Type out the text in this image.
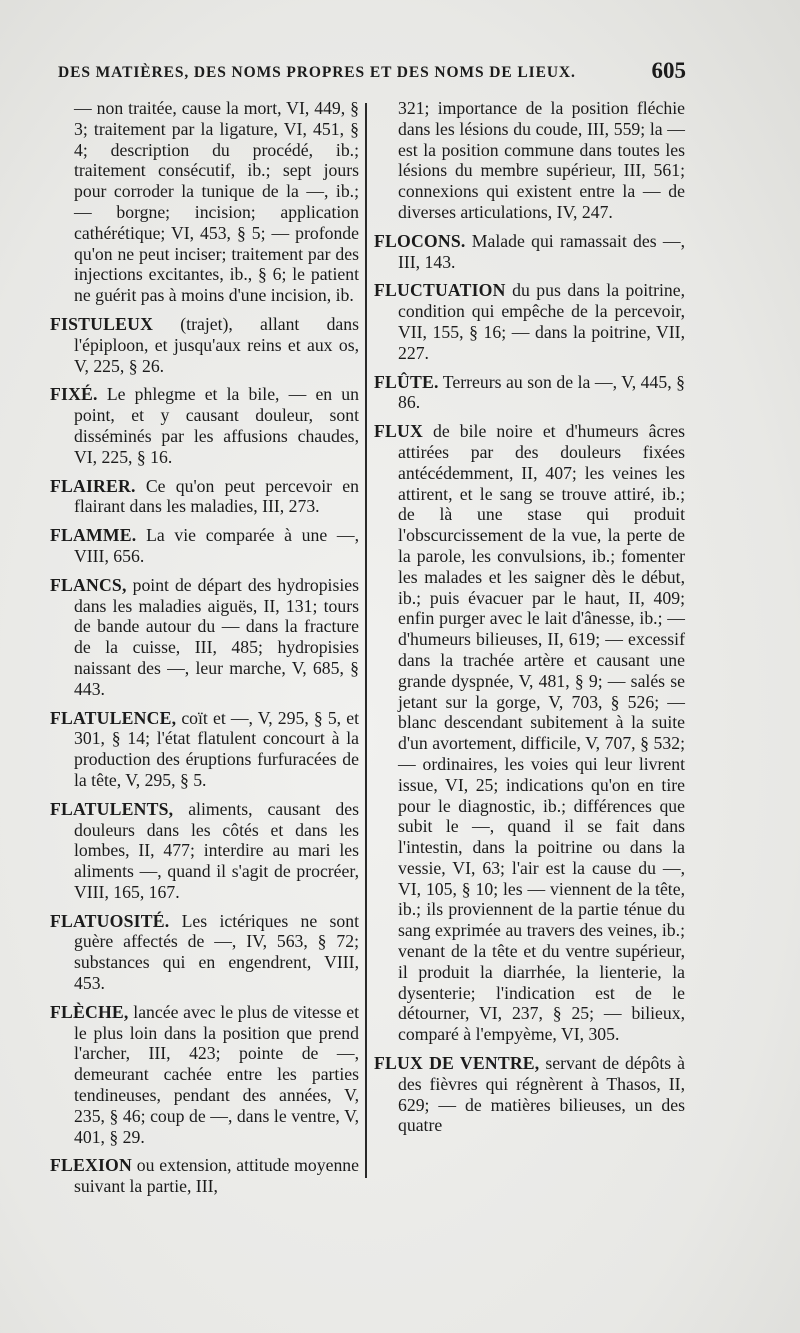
DES MATIÈRES, DES NOMS PROPRES ET DES NOMS DE LIEUX.	605

— non traitée, cause la mort, VI, 449, § 3; traitement par la ligature, VI, 451, § 4; description du procédé, ib.; traitement consécutif, ib.; sept jours pour corroder la tunique de la —, ib.; — borgne; incision; application cathérétique; VI, 453, § 5; — profonde qu'on ne peut inciser; traitement par des injections excitantes, ib., § 6; le patient ne guérit pas à moins d'une incision, ib.

FISTULEUX (trajet), allant dans l'épiploon, et jusqu'aux reins et aux os, V, 225, § 26.

FIXÉ. Le phlegme et la bile, — en un point, et y causant douleur, sont disséminés par les affusions chaudes, VI, 225, § 16.

FLAIRER. Ce qu'on peut percevoir en flairant dans les maladies, III, 273.

FLAMME. La vie comparée à une —, VIII, 656.

FLANCS, point de départ des hydropisies dans les maladies aiguës, II, 131; tours de bande autour du — dans la fracture de la cuisse, III, 485; hydropisies naissant des —, leur marche, V, 685, § 443.

FLATULENCE, coït et —, V, 295, § 5, et 301, § 14; l'état flatulent concourt à la production des éruptions furfuracées de la tête, V, 295, § 5.

FLATULENTS, aliments, causant des douleurs dans les côtés et dans les lombes, II, 477; interdire au mari les aliments —, quand il s'agit de procréer, VIII, 165, 167.

FLATUOSITÉ. Les ictériques ne sont guère affectés de —, IV, 563, § 72; substances qui en engendrent, VIII, 453.

FLÈCHE, lancée avec le plus de vitesse et le plus loin dans la position que prend l'archer, III, 423; pointe de —, demeurant cachée entre les parties tendineuses, pendant des années, V, 235, § 46; coup de —, dans le ventre, V, 401, § 29.

FLEXION ou extension, attitude moyenne suivant la partie, III,

321; importance de la position fléchie dans les lésions du coude, III, 559; la — est la position commune dans toutes les lésions du membre supérieur, III, 561; connexions qui existent entre la — de diverses articulations, IV, 247.

FLOCONS. Malade qui ramassait des —, III, 143.

FLUCTUATION du pus dans la poitrine, condition qui empêche de la percevoir, VII, 155, § 16; — dans la poitrine, VII, 227.

FLÛTE. Terreurs au son de la —, V, 445, § 86.

FLUX de bile noire et d'humeurs âcres attirées par des douleurs fixées antécédemment, II, 407; les veines les attirent, et le sang se trouve attiré, ib.; de là une stase qui produit l'obscurcissement de la vue, la perte de la parole, les convulsions, ib.; fomenter les malades et les saigner dès le début, ib.; puis évacuer par le haut, II, 409; enfin purger avec le lait d'ânesse, ib.; — d'humeurs bilieuses, II, 619; — excessif dans la trachée artère et causant une grande dyspnée, V, 481, § 9; — salés se jetant sur la gorge, V, 703, § 526; — blanc descendant subitement à la suite d'un avortement, difficile, V, 707, § 532; — ordinaires, les voies qui leur livrent issue, VI, 25; indications qu'on en tire pour le diagnostic, ib.; différences que subit le —, quand il se fait dans l'intestin, dans la poitrine ou dans la vessie, VI, 63; l'air est la cause du —, VI, 105, § 10; les — viennent de la tête, ib.; ils proviennent de la partie ténue du sang exprimée au travers des veines, ib.; venant de la tête et du ventre supérieur, il produit la diarrhée, la lienterie, la dysenterie; l'indication est de le détourner, VI, 237, § 25; — bilieux, comparé à l'empyème, VI, 305.

FLUX DE VENTRE, servant de dépôts à des fièvres qui régnèrent à Thasos, II, 629; — de matières bilieuses, un des quatre
